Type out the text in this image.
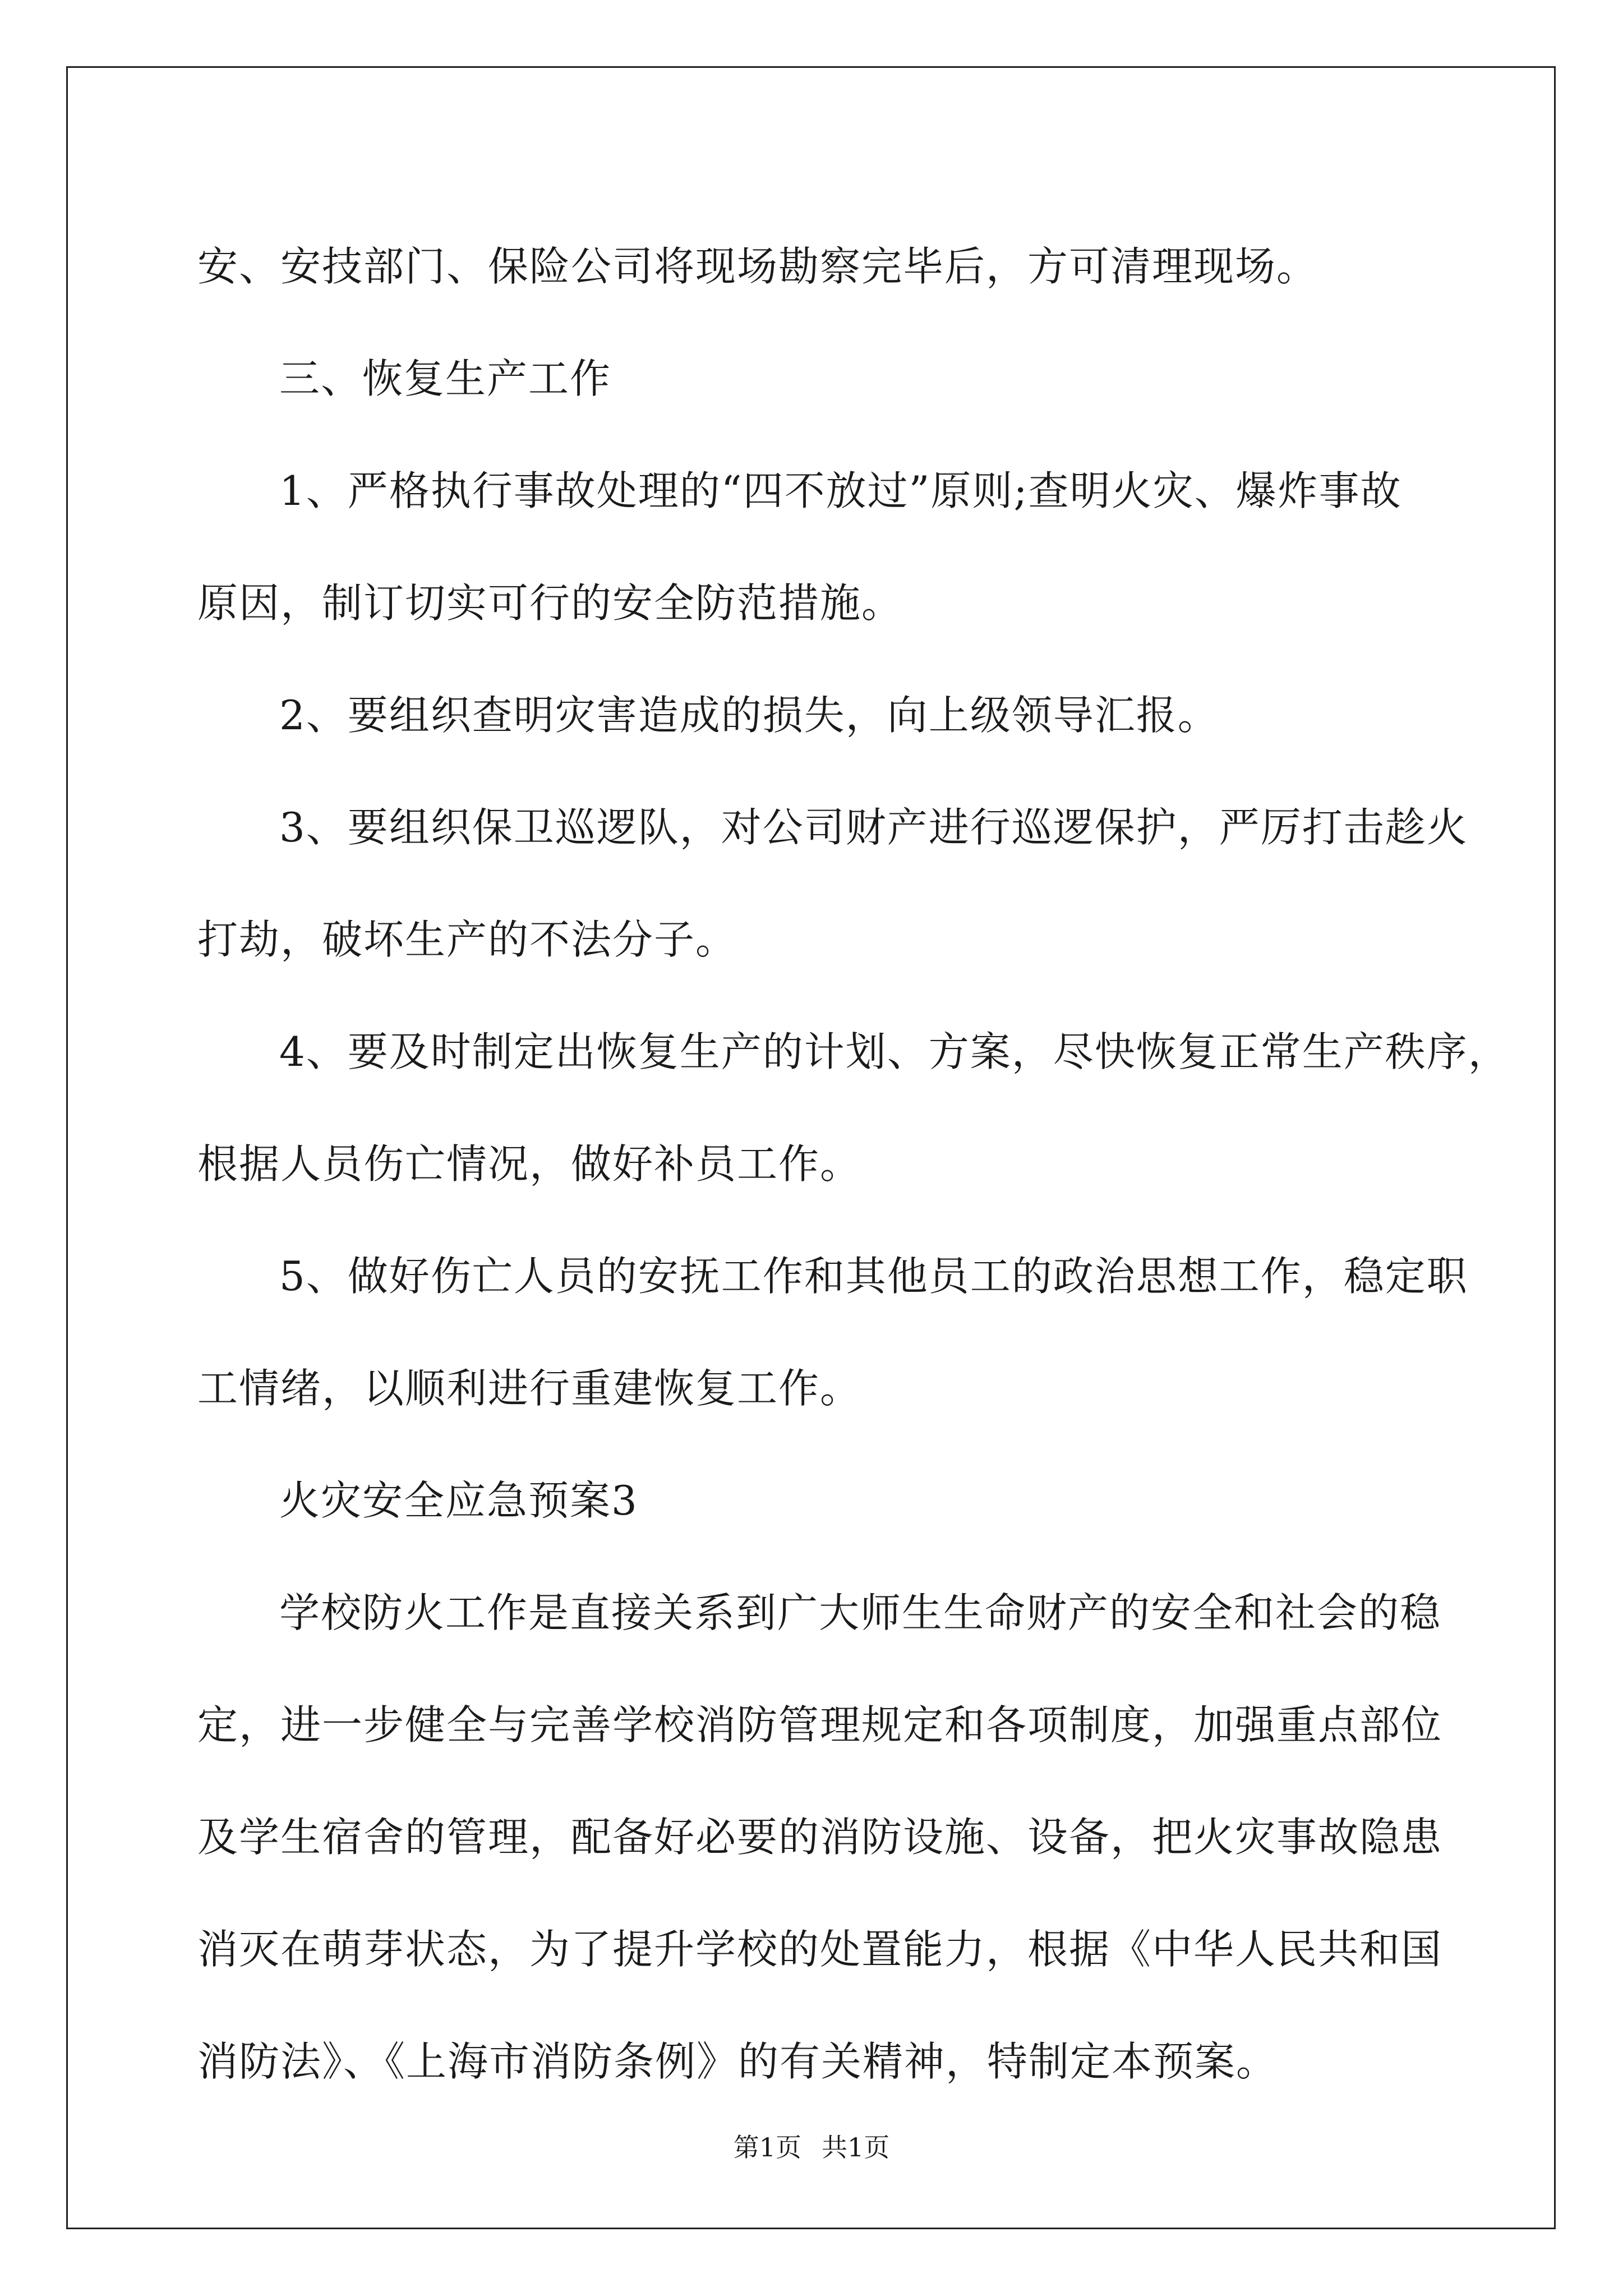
安、安技部门、保险公司将现场勘察完毕后，方可清理现场。
三、恢复生产工作
1、严格执行事故处理的“四不放过”原则;查明火灾、爆炸事故
原因，制订切实可行的安全防范措施。
2、要组织查明灾害造成的损失，向上级领导汇报。
3、要组织保卫巡逻队，对公司财产进行巡逻保护，严厉打击趁火
打劫，破坏生产的不法分子。
4、要及时制定出恢复生产的计划、方案，尽快恢复正常生产秩序，
根据人员伤亡情况，做好补员工作。
5、做好伤亡人员的安抚工作和其他员工的政治思想工作，稳定职
工情绪，以顺利进行重建恢复工作。
火灾安全应急预案3
学校防火工作是直接关系到广大师生生命财产的安全和社会的稳
定，进一步健全与完善学校消防管理规定和各项制度，加强重点部位
及学生宿舍的管理，配备好必要的消防设施、设备，把火灾事故隐患
消灭在萌芽状态，为了提升学校的处置能力，根据《中华人民共和国
消防法》、《上海市消防条例》的有关精神，特制定本预案。
第1页 共1页
